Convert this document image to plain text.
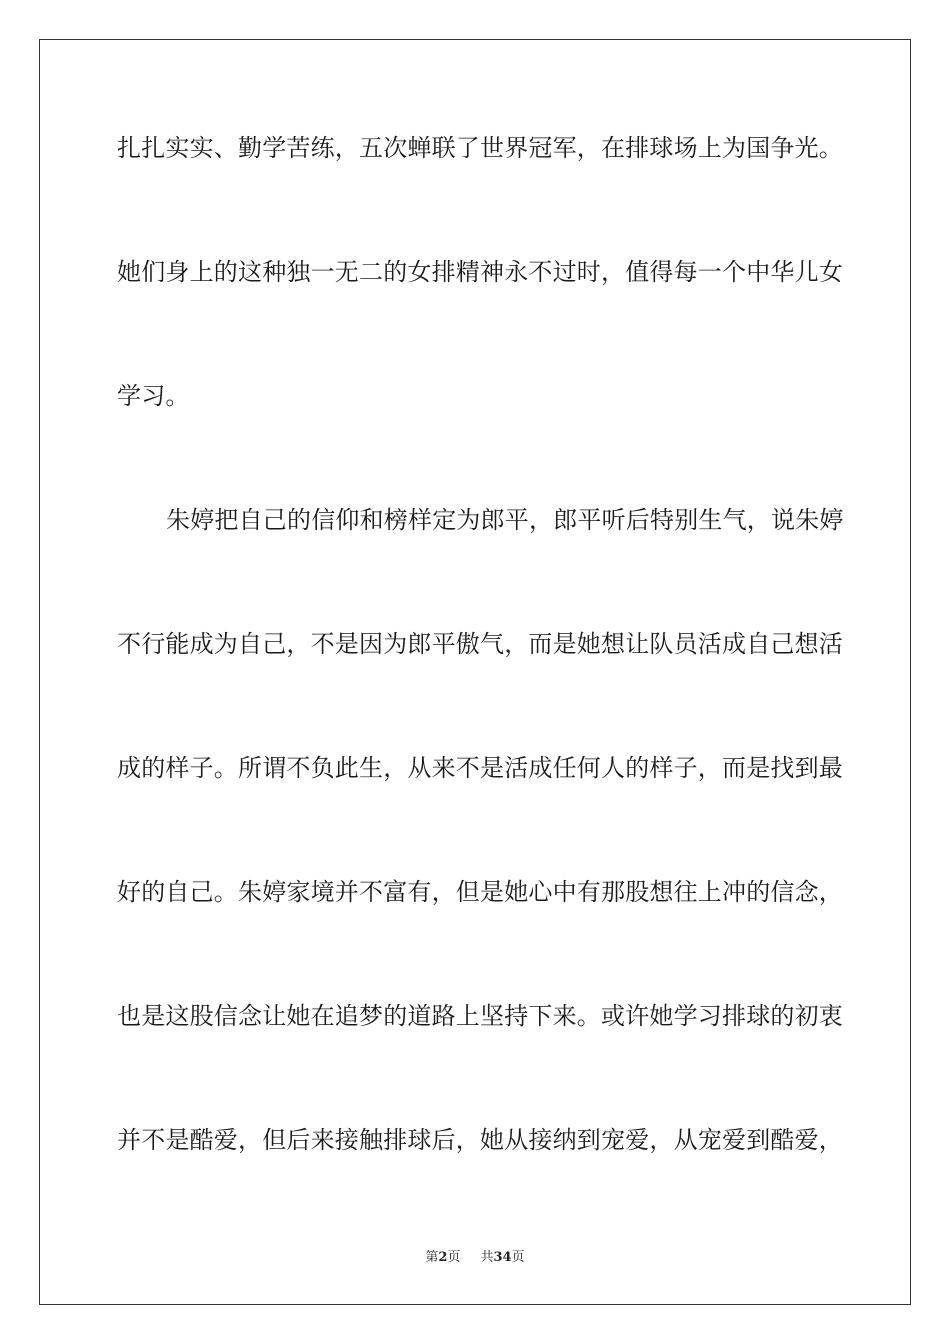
扎扎实实、勤学苦练，五次蝉联了世界冠军，在排球场上为国争光。
她们身上的这种独一无二的女排精神永不过时，值得每一个中华儿女
学习。
朱婷把自己的信仰和榜样定为郎平，郎平听后特别生气，说朱婷
不行能成为自己，不是因为郎平傲气，而是她想让队员活成自己想活
成的样子。所谓不负此生，从来不是活成任何人的样子，而是找到最
好的自己。朱婷家境并不富有，但是她心中有那股想往上冲的信念，
也是这股信念让她在追梦的道路上坚持下来。或许她学习排球的初衷
并不是酷爱，但后来接触排球后，她从接纳到宠爱，从宠爱到酷爱，
第2页 共34页
